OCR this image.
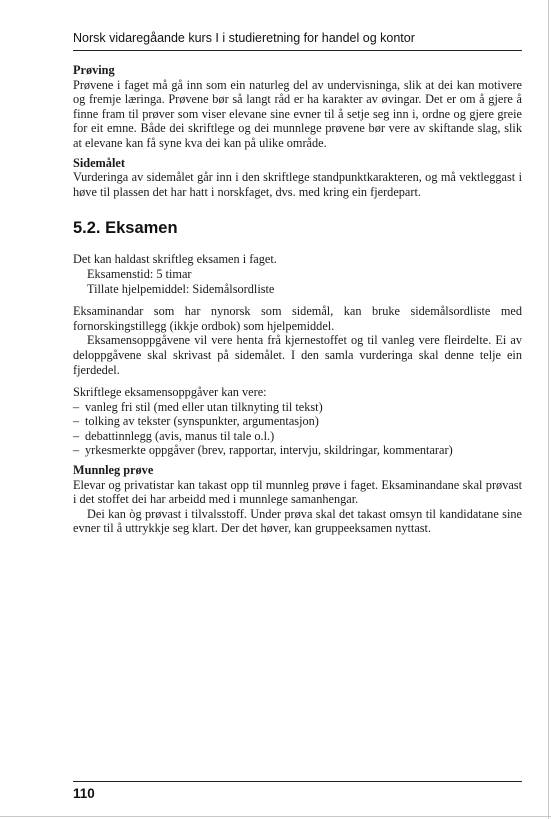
Norsk vidaregåande kurs I i studieretning for handel og kontor

Prøving

Prøvene i faget må gå inn som ein naturleg del av undervisninga, slik at dei kan motivere og fremje læringa. Prøvene bør så langt råd er ha karakter av øvingar. Det er om å gjere å finne fram til prøver som viser elevane sine evner til å setje seg inn i, ordne og gjere greie for eit emne. Både dei skriftlege og dei munnlege prøvene bør vere av skiftande slag, slik at elevane kan få syne kva dei kan på ulike område.

Sidemålet

Vurderinga av sidemålet går inn i den skriftlege standpunktkarakteren, og må vektleggast i høve til plassen det har hatt i norskfaget, dvs. med kring ein fjerdepart.

5.2. Eksamen

Det kan haldast skriftleg eksamen i faget.

Eksamenstid: 5 timar

Tillate hjelpemiddel: Sidemålsordliste

Eksaminandar som har nynorsk som sidemål, kan bruke sidemålsordliste med fornorskingstillegg (ikkje ordbok) som hjelpemiddel.

Eksamensoppgåvene vil vere henta frå kjernestoffet og til vanleg vere fleirdelte. Ei av deloppgåvene skal skrivast på sidemålet. I den samla vurderinga skal denne telje ein fjerdedel.

Skriftlege eksamensoppgåver kan vere:

– vanleg fri stil (med eller utan tilknyting til tekst)
– tolking av tekster (synspunkter, argumentasjon)
– debattinnlegg (avis, manus til tale o.l.)
– yrkesmerkte oppgåver (brev, rapportar, intervju, skildringar, kommentarar)

Munnleg prøve

Elevar og privatistar kan takast opp til munnleg prøve i faget. Eksaminandane skal prøvast i det stoffet dei har arbeidd med i munnlege samanhengar.

Dei kan òg prøvast i tilvalsstoff. Under prøva skal det takast omsyn til kandidatane sine evner til å uttrykkje seg klart. Der det høver, kan gruppeeksamen nyttast.

110
